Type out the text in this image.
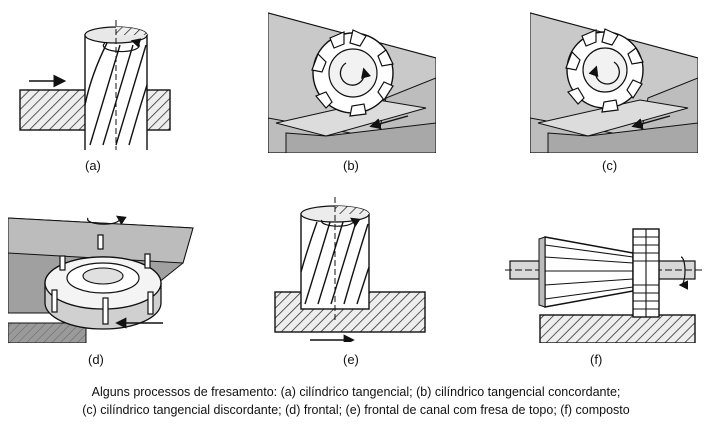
(a)	(b)	(c)
(d)	(e)	(f)
Alguns processos de fresamento: (a) cilíndrico tangencial; (b) cilíndrico tangencial concordante;
(c) cilíndrico tangencial discordante; (d) frontal; (e) frontal de canal com fresa de topo; (f) composto
